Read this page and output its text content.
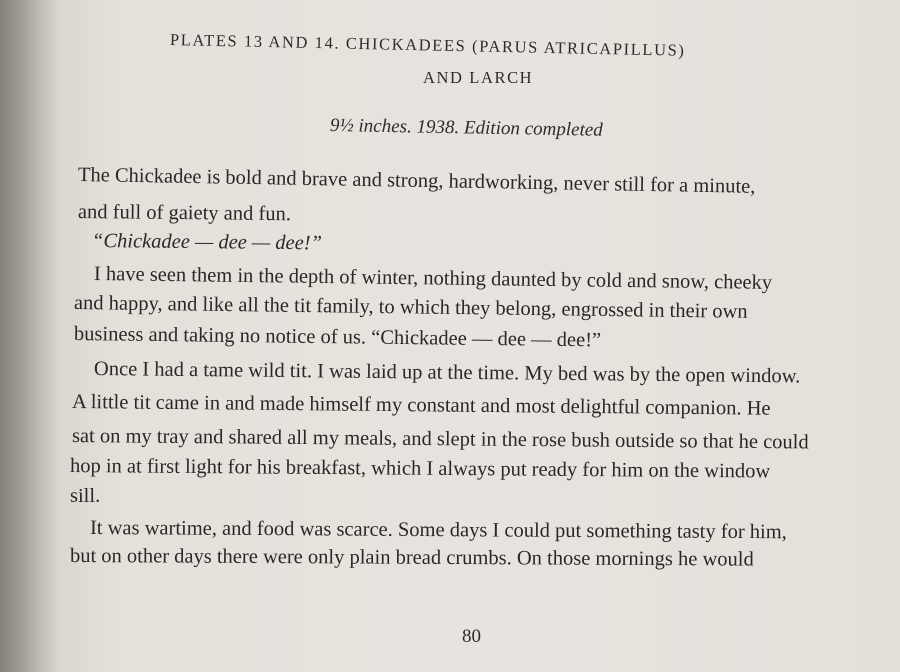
PLATES 13 AND 14. CHICKADEES (PARUS ATRICAPILLUS)
AND LARCH
9½ inches. 1938. Edition completed
The Chickadee is bold and brave and strong, hardworking, never still for a minute,
and full of gaiety and fun.
“Chickadee — dee — dee!”
I have seen them in the depth of winter, nothing daunted by cold and snow, cheeky
and happy, and like all the tit family, to which they belong, engrossed in their own
business and taking no notice of us. “Chickadee — dee — dee!”
Once I had a tame wild tit. I was laid up at the time. My bed was by the open window.
A little tit came in and made himself my constant and most delightful companion. He
sat on my tray and shared all my meals, and slept in the rose bush outside so that he could
hop in at first light for his breakfast, which I always put ready for him on the window
sill.
It was wartime, and food was scarce. Some days I could put something tasty for him,
but on other days there were only plain bread crumbs. On those mornings he would
80
